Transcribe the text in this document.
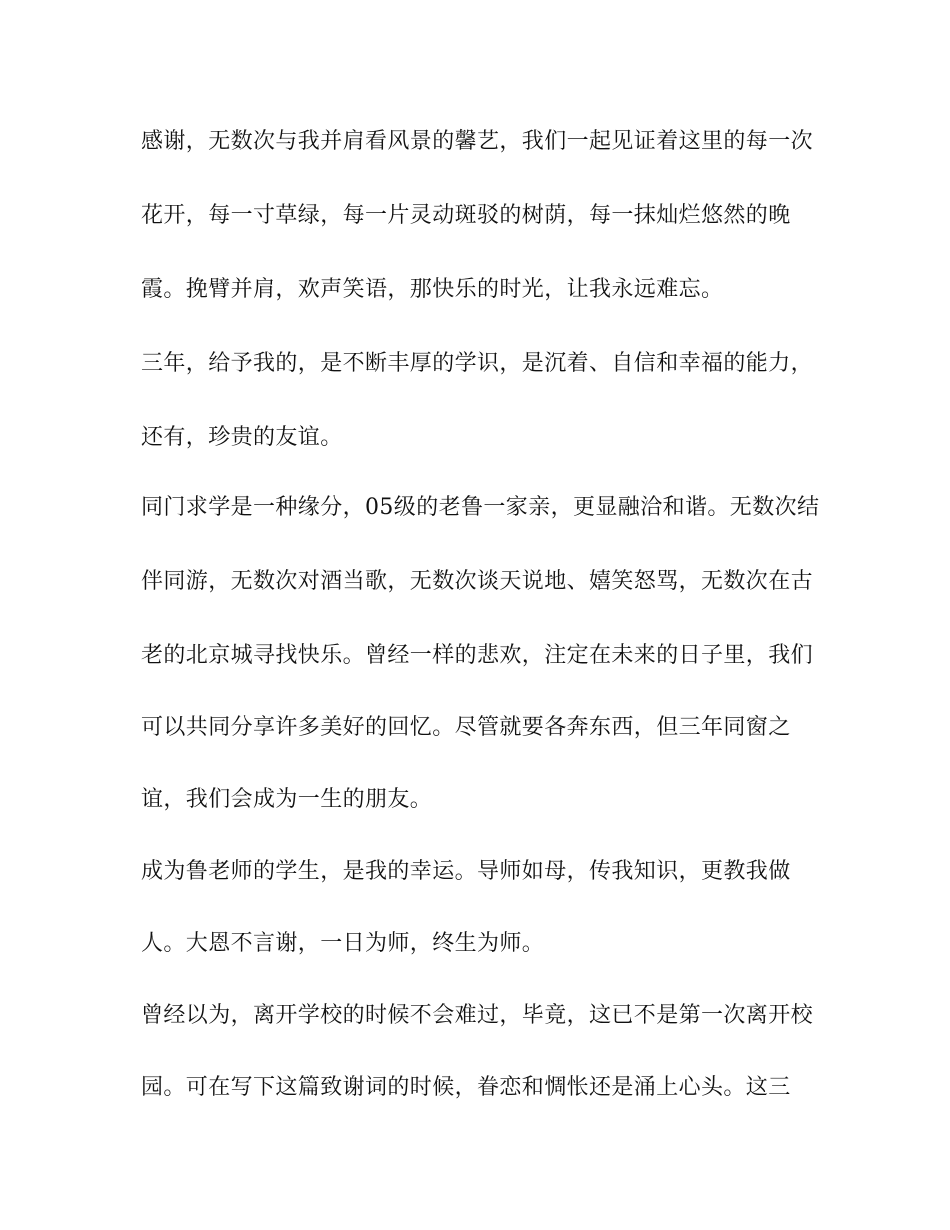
感谢，无数次与我并肩看风景的馨艺，我们一起见证着这里的每一次
花开，每一寸草绿，每一片灵动斑驳的树荫，每一抹灿烂悠然的晚
霞。挽臂并肩，欢声笑语，那快乐的时光，让我永远难忘。
三年，给予我的，是不断丰厚的学识，是沉着、自信和幸福的能力，
还有，珍贵的友谊。
同门求学是一种缘分，05级的老鲁一家亲，更显融洽和谐。无数次结
伴同游，无数次对酒当歌，无数次谈天说地、嬉笑怒骂，无数次在古
老的北京城寻找快乐。曾经一样的悲欢，注定在未来的日子里，我们
可以共同分享许多美好的回忆。尽管就要各奔东西，但三年同窗之
谊，我们会成为一生的朋友。
成为鲁老师的学生，是我的幸运。导师如母，传我知识，更教我做
人。大恩不言谢，一日为师，终生为师。
曾经以为，离开学校的时候不会难过，毕竟，这已不是第一次离开校
园。可在写下这篇致谢词的时候，眷恋和惆怅还是涌上心头。这三
